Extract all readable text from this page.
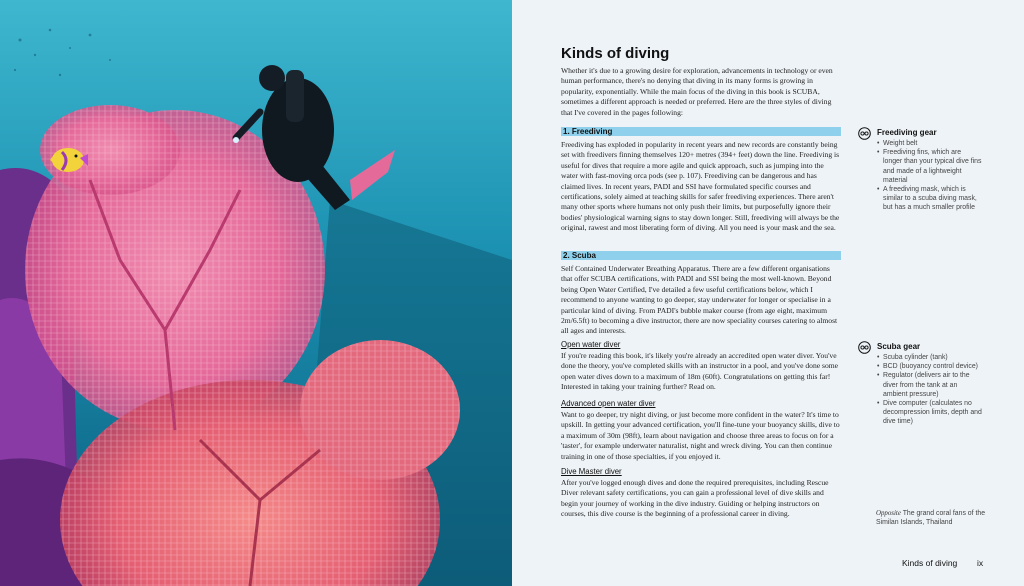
Kinds of diving

Whether it's due to a growing desire for exploration, advancements in technology or even human performance, there's no denying that diving in its many forms is growing in popularity, exponentially. While the main focus of the diving in this book is SCUBA, sometimes a different approach is needed or preferred. Here are the three styles of diving that I've covered in the pages following:

1. Freediving

Freediving has exploded in popularity in recent years and new records are constantly being set with freedivers finning themselves 120+ metres (394+ feet) down the line. Freediving is useful for dives that require a more agile and quick approach, such as jumping into the water with fast-moving orca pods (see p. 107). Freediving can be dangerous and has claimed lives. In recent years, PADI and SSI have formulated specific courses and certifications, solely aimed at teaching skills for safer freediving experiences. There aren't many other sports where humans not only push their limits, but purposefully ignore their bodies' physiological warning signs to stay down longer. Still, freediving will always be the original, rawest and most liberating form of diving. All you need is your mask and the sea.

2. Scuba

Self Contained Underwater Breathing Apparatus. There are a few different organisations that offer SCUBA certifications, with PADI and SSI being the most well-known. Beyond being Open Water Certified, I've detailed a few useful certifications below, which I recommend to anyone wanting to go deeper, stay underwater for longer or specialise in a particular kind of diving. From PADI's bubble maker course (from age eight, maximum 2m/6.5ft) to becoming a dive instructor, there are now speciality courses catering to almost all ages and interests.

Open water diver

If you're reading this book, it's likely you're already an accredited open water diver. You've done the theory, you've completed skills with an instructor in a pool, and you've done some open water dives down to a maximum of 18m (60ft). Congratulations on getting this far! Interested in taking your training further? Read on.

Advanced open water diver

Want to go deeper, try night diving, or just become more confident in the water? It's time to upskill. In getting your advanced certification, you'll fine-tune your buoyancy skills, dive to a maximum of 30m (98ft), learn about navigation and choose three areas to focus on for a 'taster', for example underwater naturalist, night and wreck diving. You can then continue training in one of those specialties, if you enjoyed it.

Dive Master diver

After you've logged enough dives and done the required prerequisites, including Rescue Diver relevant safety certifications, you can gain a professional level of dive skills and begin your journey of working in the dive industry. Guiding or helping instructors on courses, this dive course is the beginning of a professional career in diving.

Freediving gear
• Weight belt
• Freediving fins, which are longer than your typical dive fins and made of a lightweight material
• A freediving mask, which is similar to a scuba diving mask, but has a much smaller profile
Scuba gear
• Scuba cylinder (tank)
• BCD (buoyancy control device)
• Regulator (delivers air to the diver from the tank at an ambient pressure)
• Dive computer (calculates no decompression limits, depth and dive time)
Opposite The grand coral fans of the Similan Islands, Thailand
Kinds of diving ix
